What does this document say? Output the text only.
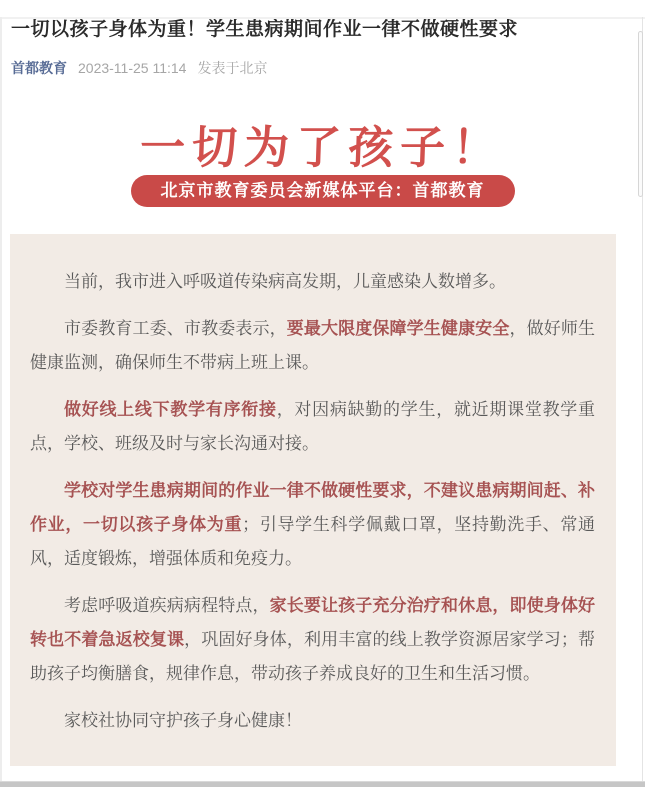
一切以孩子身体为重！学生患病期间作业一律不做硬性要求
首都教育 2023-11-25 11:14 发表于北京
一切为了孩子！
北京市教育委员会新媒体平台：首都教育

当前，我市进入呼吸道传染病高发期，儿童感染人数增多。

市委教育工委、市教委表示，要最大限度保障学生健康安全，做好师生健康监测，确保师生不带病上班上课。

做好线上线下教学有序衔接，对因病缺勤的学生，就近期课堂教学重点，学校、班级及时与家长沟通对接。

学校对学生患病期间的作业一律不做硬性要求，不建议患病期间赶、补作业，一切以孩子身体为重；引导学生科学佩戴口罩，坚持勤洗手、常通风，适度锻炼，增强体质和免疫力。

考虑呼吸道疾病病程特点，家长要让孩子充分治疗和休息，即使身体好转也不着急返校复课，巩固好身体，利用丰富的线上教学资源居家学习；帮助孩子均衡膳食，规律作息，带动孩子养成良好的卫生和生活习惯。

家校社协同守护孩子身心健康！
